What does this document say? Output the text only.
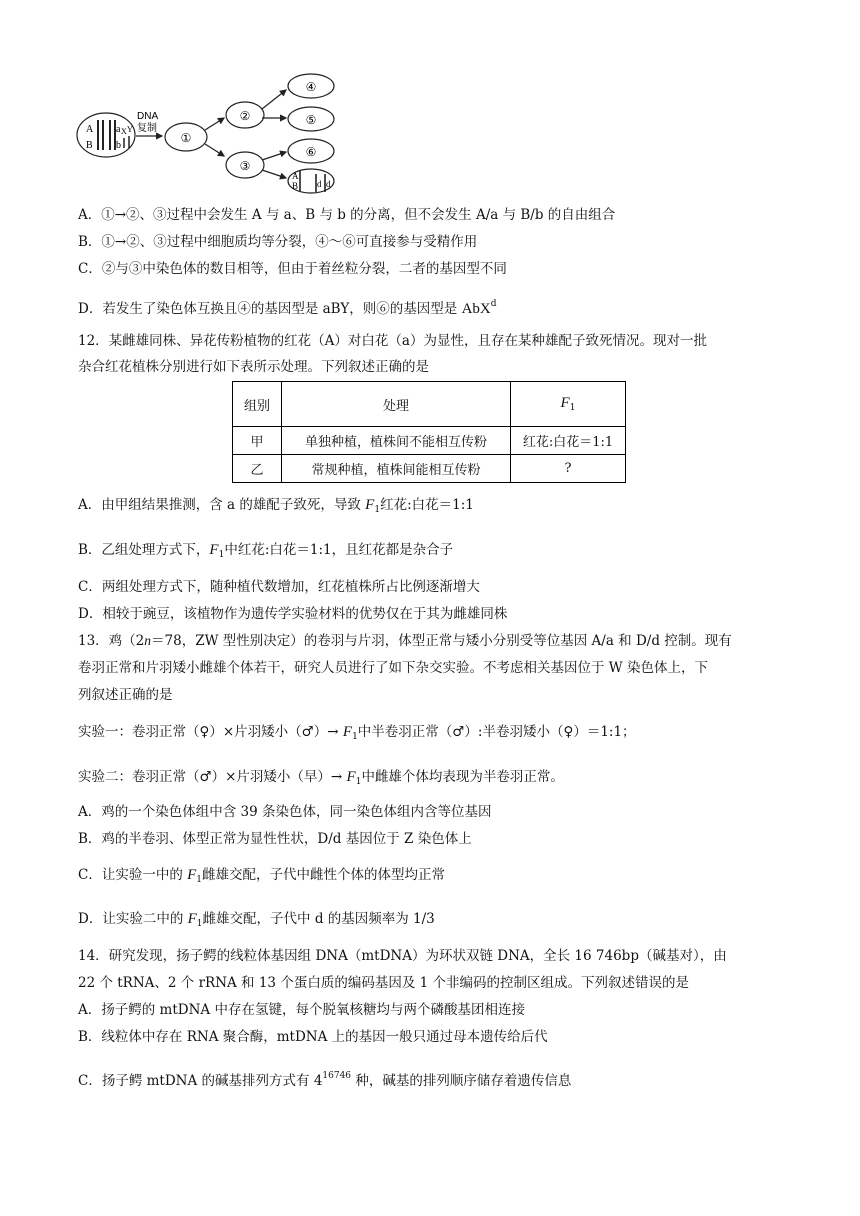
A a X Y
B b
DNA
复制
①
②
③
④
⑤
⑥
A
B d d
A．①→②、③过程中会发生 A 与 a、B 与 b 的分离，但不会发生 A/a 与 B/b 的自由组合
B．①→②、③过程中细胞质均等分裂，④～⑥可直接参与受精作用
C．②与③中染色体的数目相等，但由于着丝粒分裂，二者的基因型不同
D．若发生了染色体互换且④的基因型是 aBY，则⑥的基因型是 AbX$^d$
12．某雌雄同株、异花传粉植物的红花（A）对白花（a）为显性，且存在某种雄配子致死情况。现对一批
杂合红花植株分别进行如下表所示处理。下列叙述正确的是
组别	处理	$F_1$
甲	单独种植，植株间不能相互传粉	红花:白花＝1:1
乙	常规种植，植株间能相互传粉	?
A．由甲组结果推测，含 a 的雄配子致死，导致 $F_1$红花:白花＝1:1
B．乙组处理方式下，$F_1$中红花:白花＝1:1，且红花都是杂合子
C．两组处理方式下，随种植代数增加，红花植株所占比例逐渐增大
D．相较于豌豆，该植物作为遗传学实验材料的优势仅在于其为雌雄同株
13．鸡（2n＝78，ZW 型性别决定）的卷羽与片羽，体型正常与矮小分别受等位基因 A/a 和 D/d 控制。现有
卷羽正常和片羽矮小雌雄个体若干，研究人员进行了如下杂交实验。不考虑相关基因位于 W 染色体上，下
列叙述正确的是
实验一：卷羽正常（♀）×片羽矮小（♂）→ $F_1$中半卷羽正常（♂）:半卷羽矮小（♀）＝1:1；
实验二：卷羽正常（♂）×片羽矮小（早）→ $F_1$中雌雄个体均表现为半卷羽正常。
A．鸡的一个染色体组中含 39 条染色体，同一染色体组内含等位基因
B．鸡的半卷羽、体型正常为显性性状，D/d 基因位于 Z 染色体上
C．让实验一中的 $F_1$雌雄交配，子代中雌性个体的体型均正常
D．让实验二中的 $F_1$雌雄交配，子代中 d 的基因频率为 1/3
14．研究发现，扬子鳄的线粒体基因组 DNA（mtDNA）为环状双链 DNA，全长 16 746bp（碱基对），由
22 个 tRNA、2 个 rRNA 和 13 个蛋白质的编码基因及 1 个非编码的控制区组成。下列叙述错误的是
A．扬子鳄的 mtDNA 中存在氢键，每个脱氧核糖均与两个磷酸基团相连接
B．线粒体中存在 RNA 聚合酶，mtDNA 上的基因一般只通过母本遗传给后代
C．扬子鳄 mtDNA 的碱基排列方式有 $4^{16746}$ 种，碱基的排列顺序储存着遗传信息
